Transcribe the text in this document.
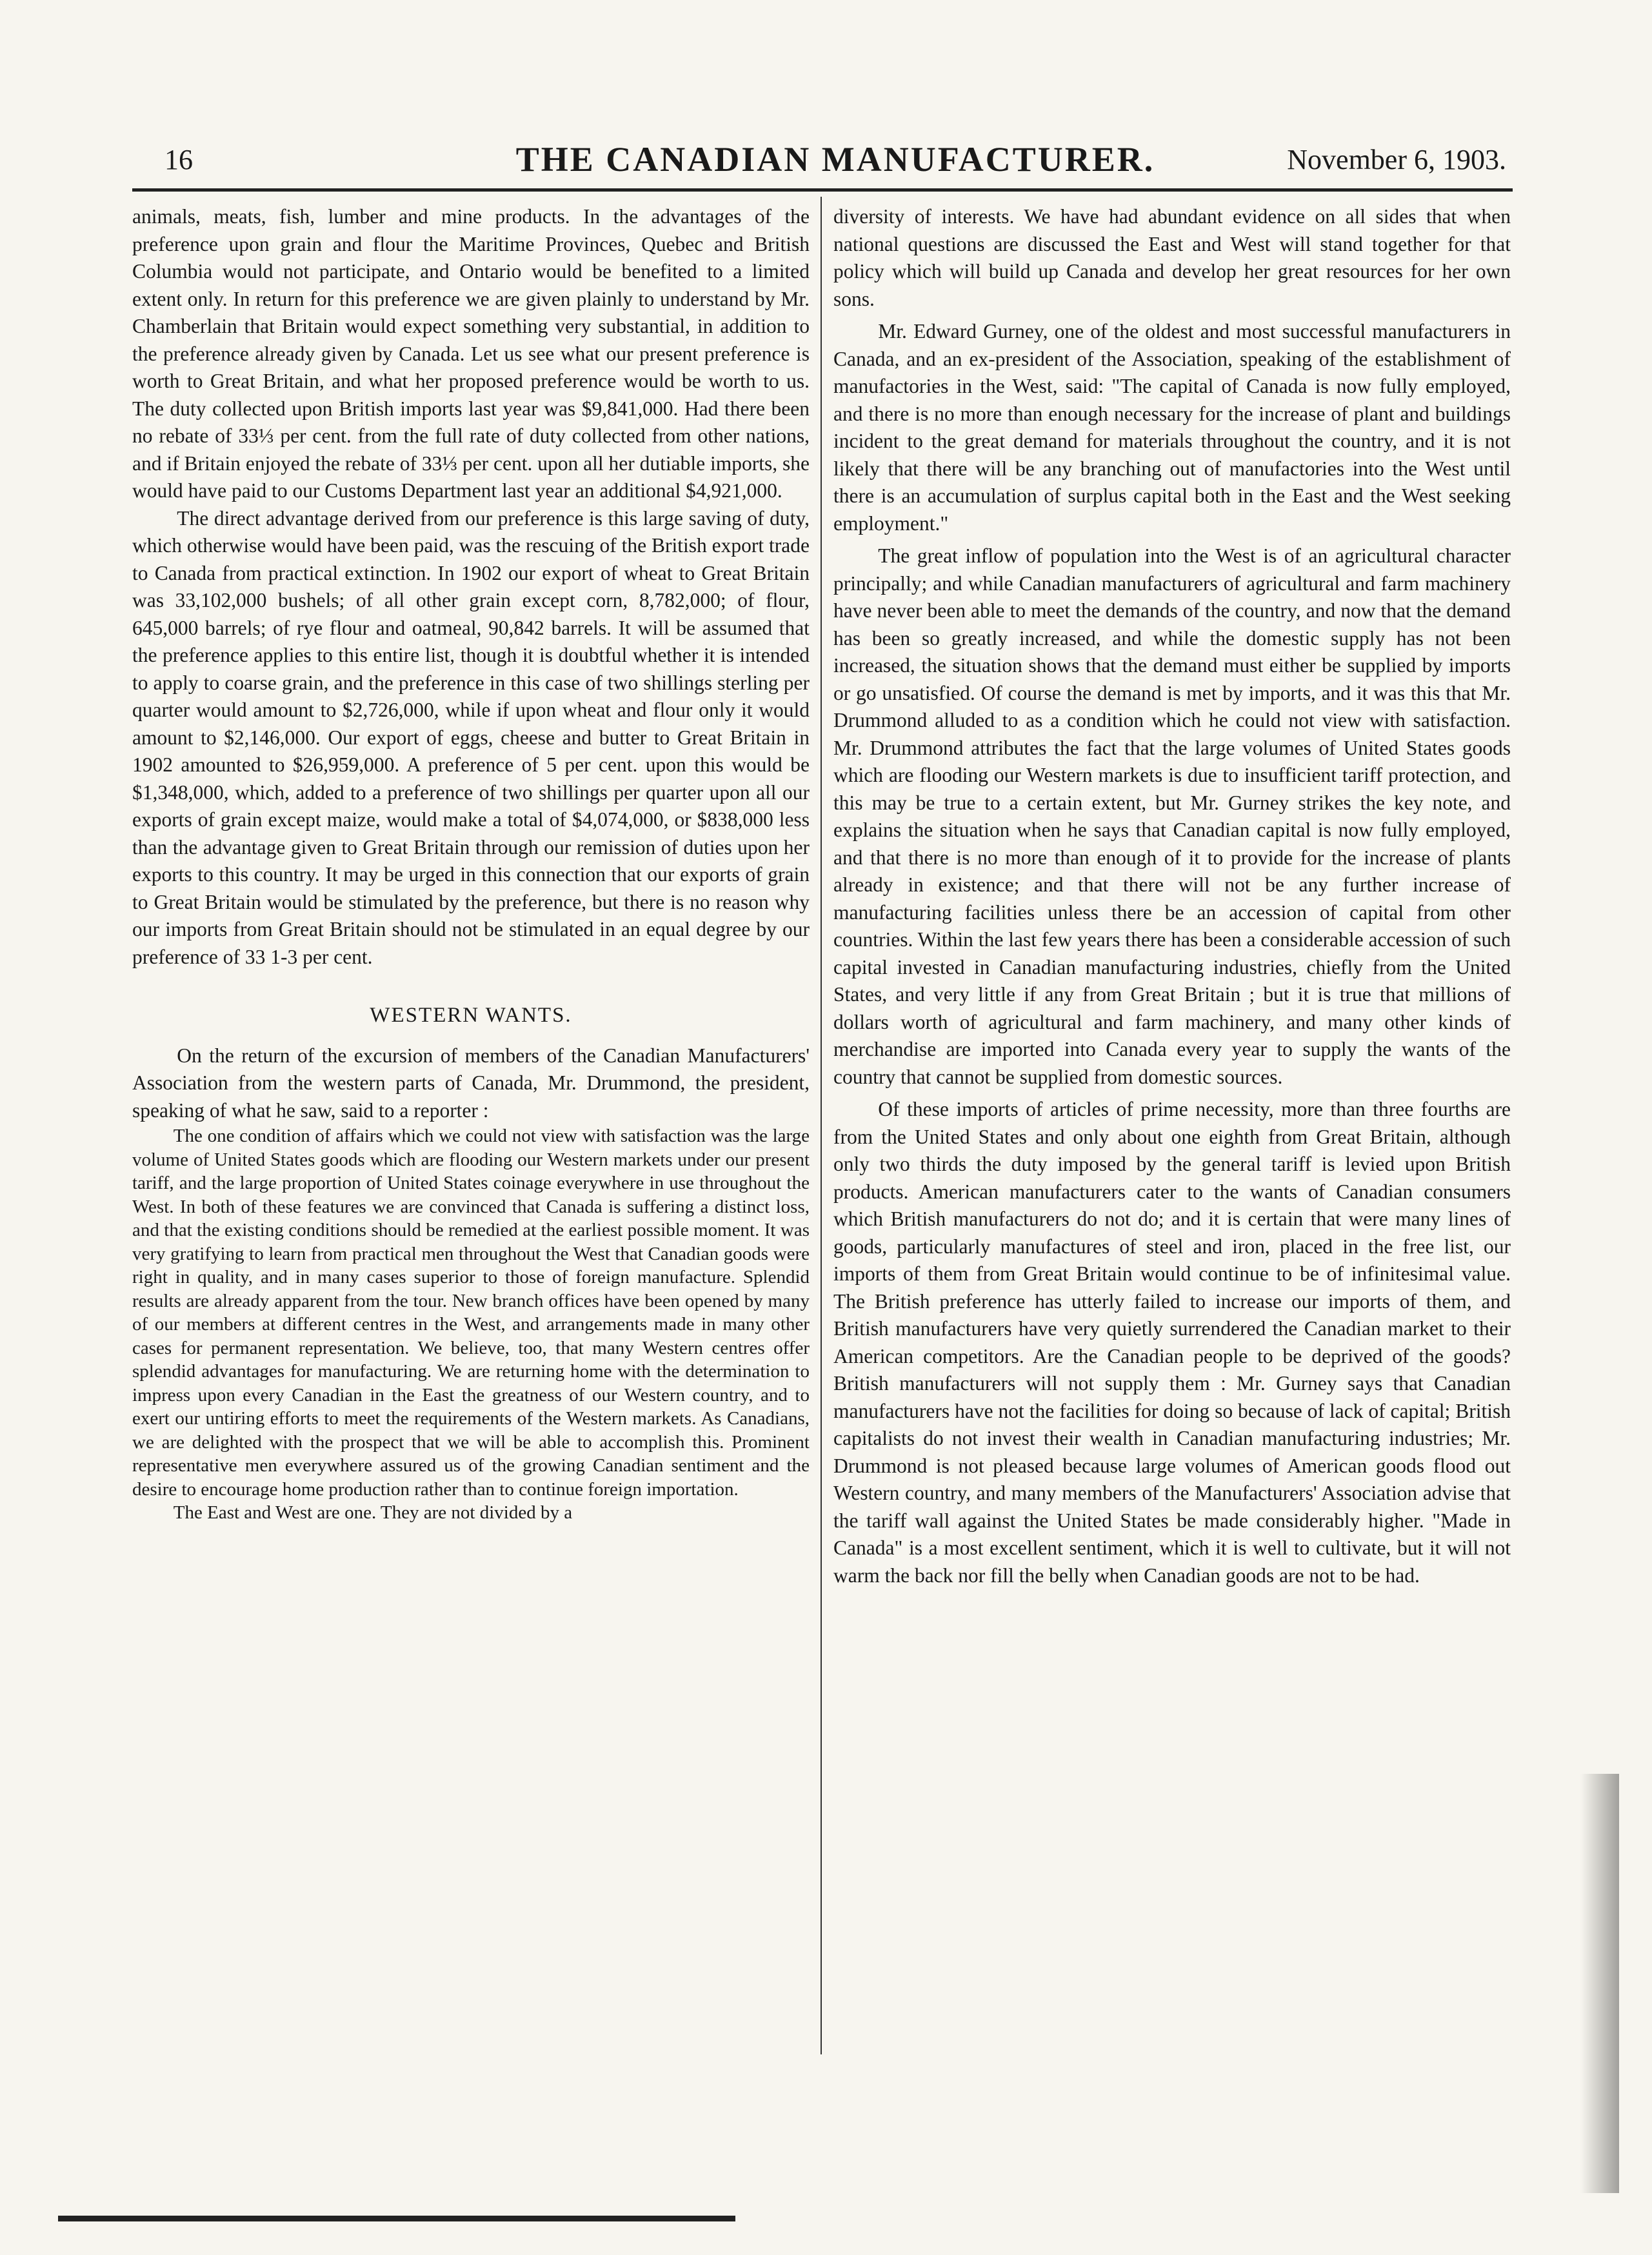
16	THE CANADIAN MANUFACTURER.	November 6, 1903.

animals, meats, fish, lumber and mine products. In the advantages of the preference upon grain and flour the Maritime Provinces, Quebec and British Columbia would not participate, and Ontario would be benefited to a limited extent only. In return for this preference we are given plainly to understand by Mr. Chamberlain that Britain would expect something very substantial, in addition to the preference already given by Canada. Let us see what our present preference is worth to Great Britain, and what her proposed preference would be worth to us. The duty collected upon British imports last year was $9,841,000. Had there been no rebate of 33⅓ per cent. from the full rate of duty collected from other nations, and if Britain enjoyed the rebate of 33⅓ per cent. upon all her dutiable imports, she would have paid to our Customs Department last year an additional $4,921,000.

The direct advantage derived from our preference is this large saving of duty, which otherwise would have been paid, was the rescuing of the British export trade to Canada from practical extinction. In 1902 our export of wheat to Great Britain was 33,102,000 bushels; of all other grain except corn, 8,782,000; of flour, 645,000 barrels; of rye flour and oatmeal, 90,842 barrels. It will be assumed that the preference applies to this entire list, though it is doubtful whether it is intended to apply to coarse grain, and the preference in this case of two shillings sterling per quarter would amount to $2,726,000, while if upon wheat and flour only it would amount to $2,146,000. Our export of eggs, cheese and butter to Great Britain in 1902 amounted to $26,959,000. A preference of 5 per cent. upon this would be $1,348,000, which, added to a preference of two shillings per quarter upon all our exports of grain except maize, would make a total of $4,074,000, or $838,000 less than the advantage given to Great Britain through our remission of duties upon her exports to this country. It may be urged in this connection that our exports of grain to Great Britain would be stimulated by the preference, but there is no reason why our imports from Great Britain should not be stimulated in an equal degree by our preference of 33 1-3 per cent.

WESTERN WANTS.

On the return of the excursion of members of the Canadian Manufacturers' Association from the western parts of Canada, Mr. Drummond, the president, speaking of what he saw, said to a reporter :

The one condition of affairs which we could not view with satisfaction was the large volume of United States goods which are flooding our Western markets under our present tariff, and the large proportion of United States coinage everywhere in use throughout the West. In both of these features we are convinced that Canada is suffering a distinct loss, and that the existing conditions should be remedied at the earliest possible moment. It was very gratifying to learn from practical men throughout the West that Canadian goods were right in quality, and in many cases superior to those of foreign manufacture. Splendid results are already apparent from the tour. New branch offices have been opened by many of our members at different centres in the West, and arrangements made in many other cases for permanent representation. We believe, too, that many Western centres offer splendid advantages for manufacturing. We are returning home with the determination to impress upon every Canadian in the East the greatness of our Western country, and to exert our untiring efforts to meet the requirements of the Western markets. As Canadians, we are delighted with the prospect that we will be able to accomplish this. Prominent representative men everywhere assured us of the growing Canadian sentiment and the desire to encourage home production rather than to continue foreign importation.

The East and West are one. They are not divided by a

diversity of interests. We have had abundant evidence on all sides that when national questions are discussed the East and West will stand together for that policy which will build up Canada and develop her great resources for her own sons.

Mr. Edward Gurney, one of the oldest and most successful manufacturers in Canada, and an ex-president of the Association, speaking of the establishment of manufactories in the West, said: "The capital of Canada is now fully employed, and there is no more than enough necessary for the increase of plant and buildings incident to the great demand for materials throughout the country, and it is not likely that there will be any branching out of manufactories into the West until there is an accumulation of surplus capital both in the East and the West seeking employment."

The great inflow of population into the West is of an agricultural character principally; and while Canadian manufacturers of agricultural and farm machinery have never been able to meet the demands of the country, and now that the demand has been so greatly increased, and while the domestic supply has not been increased, the situation shows that the demand must either be supplied by imports or go unsatisfied. Of course the demand is met by imports, and it was this that Mr. Drummond alluded to as a condition which he could not view with satisfaction. Mr. Drummond attributes the fact that the large volumes of United States goods which are flooding our Western markets is due to insufficient tariff protection, and this may be true to a certain extent, but Mr. Gurney strikes the key note, and explains the situation when he says that Canadian capital is now fully employed, and that there is no more than enough of it to provide for the increase of plants already in existence; and that there will not be any further increase of manufacturing facilities unless there be an accession of capital from other countries. Within the last few years there has been a considerable accession of such capital invested in Canadian manufacturing industries, chiefly from the United States, and very little if any from Great Britain ; but it is true that millions of dollars worth of agricultural and farm machinery, and many other kinds of merchandise are imported into Canada every year to supply the wants of the country that cannot be supplied from domestic sources.

Of these imports of articles of prime necessity, more than three fourths are from the United States and only about one eighth from Great Britain, although only two thirds the duty imposed by the general tariff is levied upon British products. American manufacturers cater to the wants of Canadian consumers which British manufacturers do not do; and it is certain that were many lines of goods, particularly manufactures of steel and iron, placed in the free list, our imports of them from Great Britain would continue to be of infinitesimal value. The British preference has utterly failed to increase our imports of them, and British manufacturers have very quietly surrendered the Canadian market to their American competitors. Are the Canadian people to be deprived of the goods? British manufacturers will not supply them : Mr. Gurney says that Canadian manufacturers have not the facilities for doing so because of lack of capital; British capitalists do not invest their wealth in Canadian manufacturing industries; Mr. Drummond is not pleased because large volumes of American goods flood out Western country, and many members of the Manufacturers' Association advise that the tariff wall against the United States be made considerably higher. "Made in Canada" is a most excellent sentiment, which it is well to cultivate, but it will not warm the back nor fill the belly when Canadian goods are not to be had.
